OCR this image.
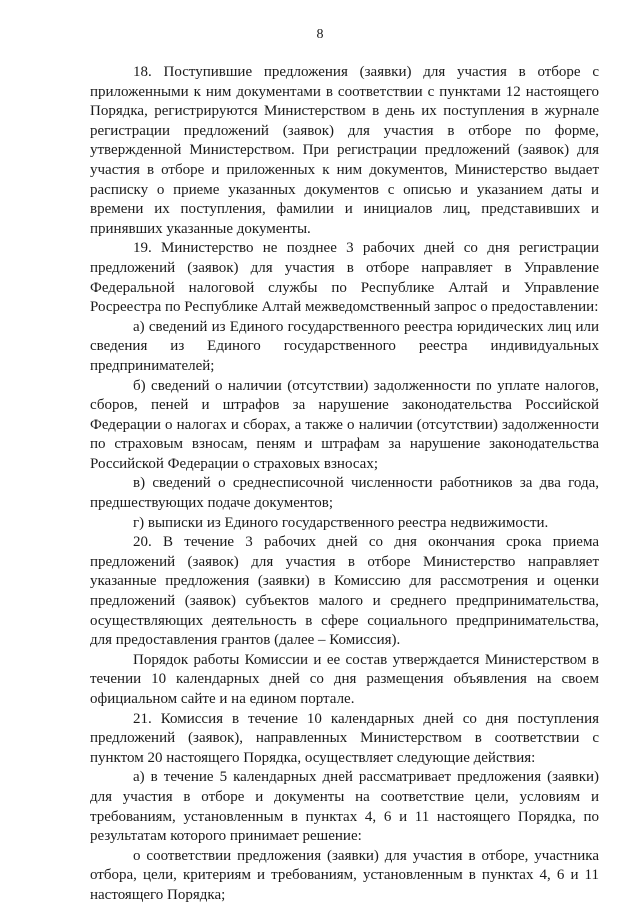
8

18. Поступившие предложения (заявки) для участия в отборе с приложенными к ним документами в соответствии с пунктами 12 настоящего Порядка, регистрируются Министерством в день их поступления в журнале регистрации предложений (заявок) для участия в отборе по форме, утвержденной Министерством. При регистрации предложений (заявок) для участия в отборе и приложенных к ним документов, Министерство выдает расписку о приеме указанных документов с описью и указанием даты и времени их поступления, фамилии и инициалов лиц, представивших и принявших указанные документы.

19. Министерство не позднее 3 рабочих дней со дня регистрации предложений (заявок) для участия в отборе направляет в Управление Федеральной налоговой службы по Республике Алтай и Управление Росреестра по Республике Алтай межведомственный запрос о предоставлении:

а) сведений из Единого государственного реестра юридических лиц или сведения из Единого государственного реестра индивидуальных предпринимателей;

б) сведений о наличии (отсутствии) задолженности по уплате налогов, сборов, пеней и штрафов за нарушение законодательства Российской Федерации о налогах и сборах, а также о наличии (отсутствии) задолженности по страховым взносам, пеням и штрафам за нарушение законодательства Российской Федерации о страховых взносах;

в) сведений о среднесписочной численности работников за два года, предшествующих подаче документов;

г) выписки из Единого государственного реестра недвижимости.

20. В течение 3 рабочих дней со дня окончания срока приема предложений (заявок) для участия в отборе Министерство направляет указанные предложения (заявки) в Комиссию для рассмотрения и оценки предложений (заявок) субъектов малого и среднего предпринимательства, осуществляющих деятельность в сфере социального предпринимательства, для предоставления грантов (далее – Комиссия).

Порядок работы Комиссии и ее состав утверждается Министерством в течении 10 календарных дней со дня размещения объявления на своем официальном сайте и на едином портале.

21. Комиссия в течение 10 календарных дней со дня поступления предложений (заявок), направленных Министерством в соответствии с пунктом 20 настоящего Порядка, осуществляет следующие действия:

а) в течение 5 календарных дней рассматривает предложения (заявки) для участия в отборе и документы на соответствие цели, условиям и требованиям, установленным в пунктах 4, 6 и 11 настоящего Порядка, по результатам которого принимает решение:

о соответствии предложения (заявки) для участия в отборе, участника отбора, цели, критериям и требованиям, установленным в пунктах 4, 6 и 11 настоящего Порядка;
